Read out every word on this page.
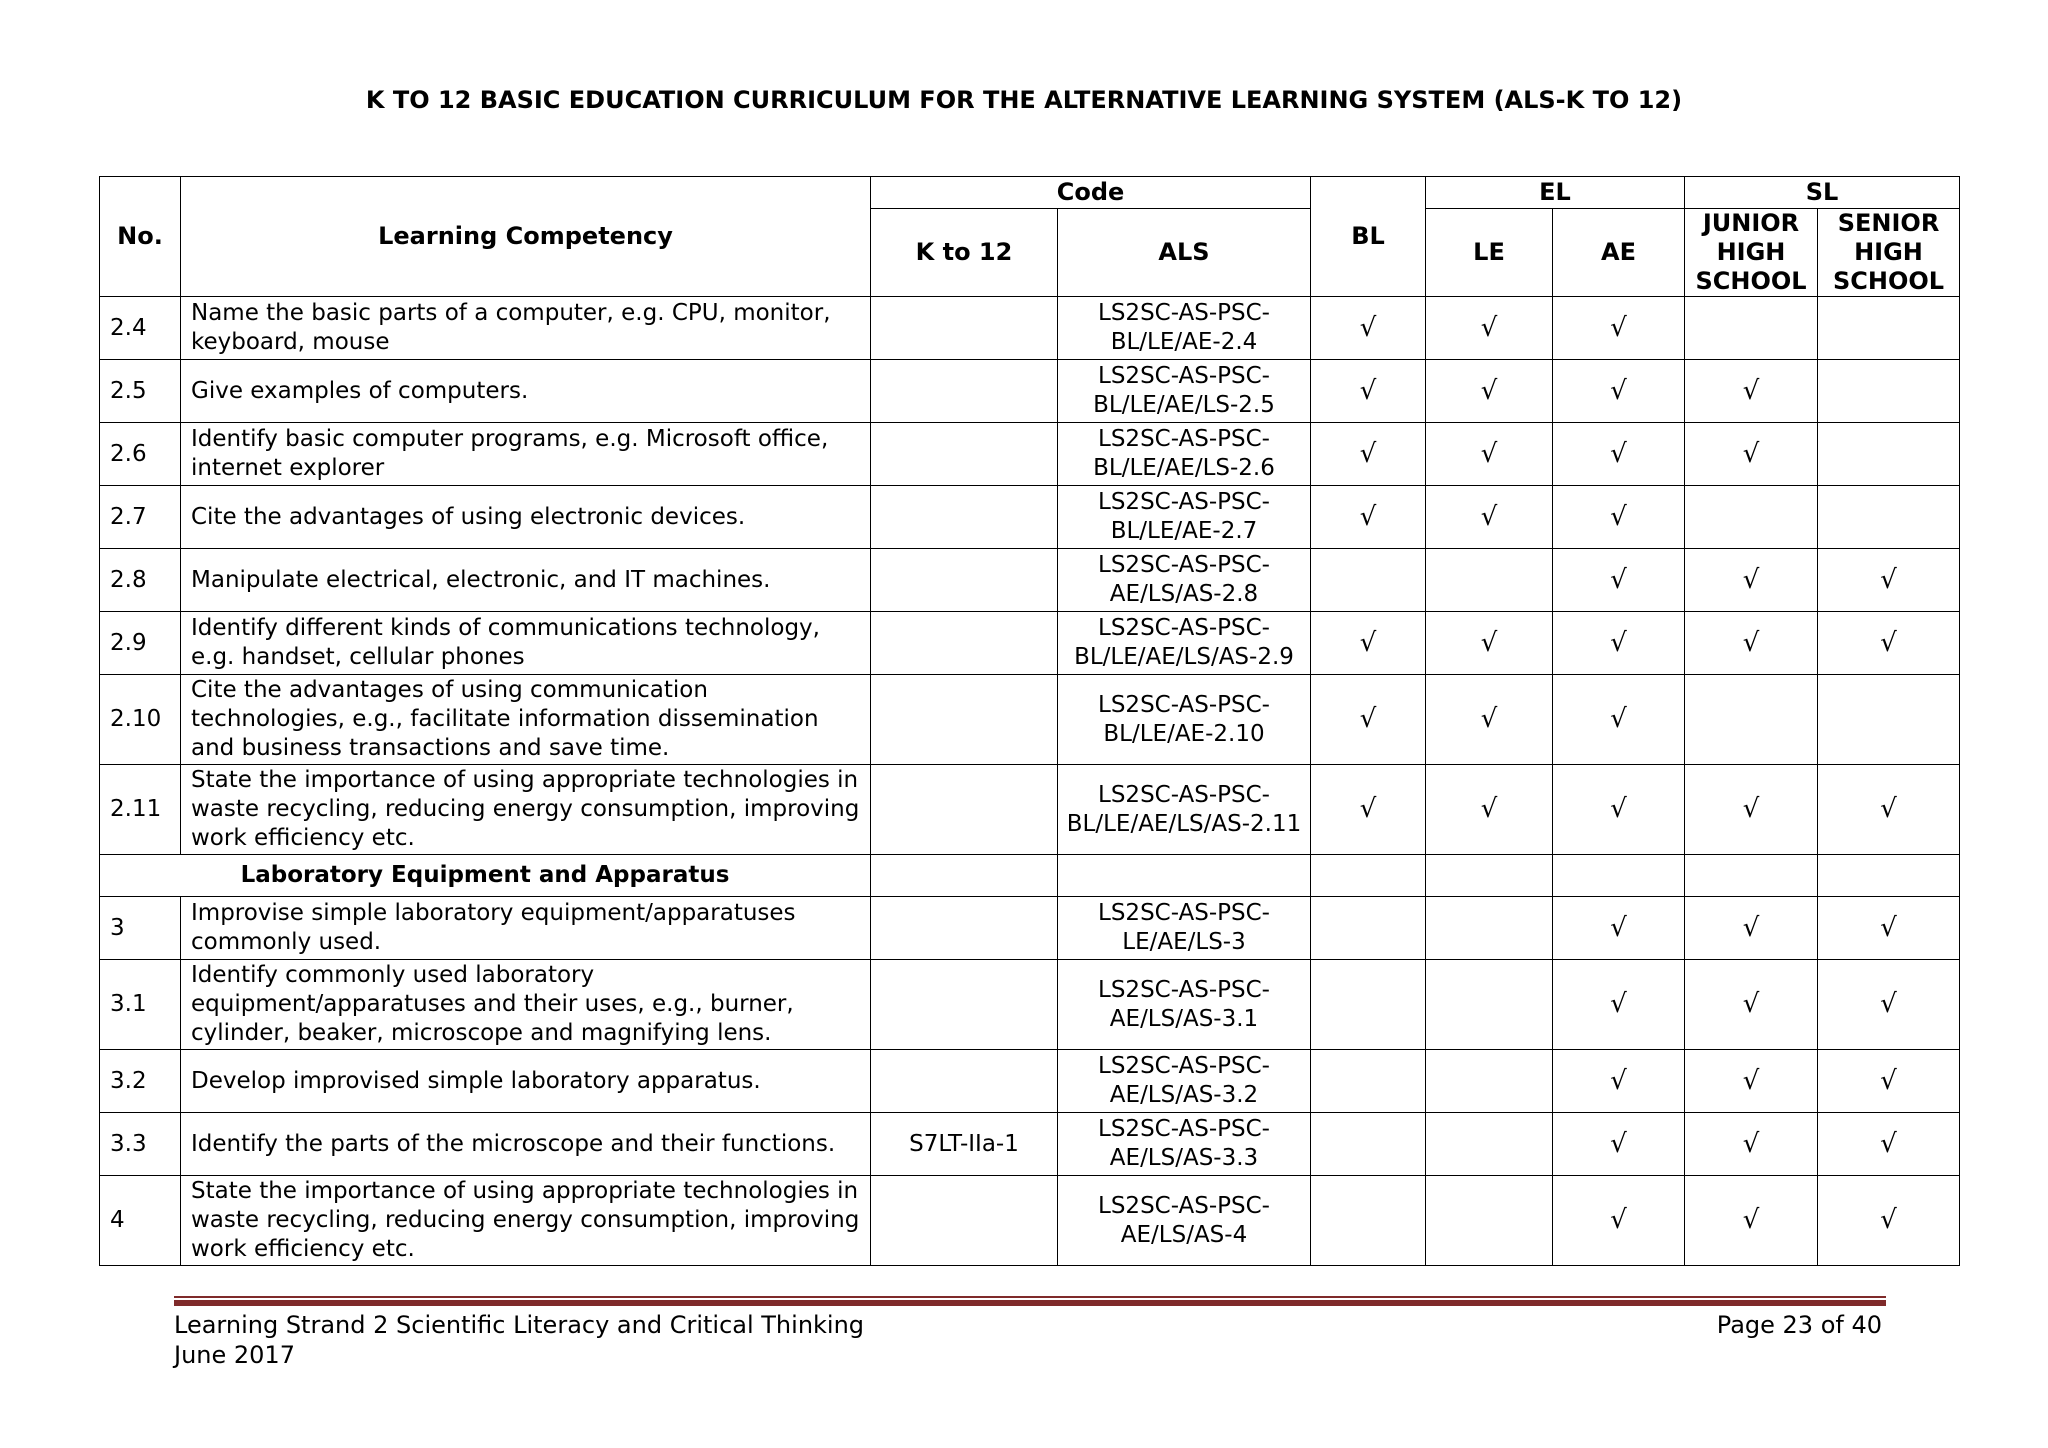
K TO 12 BASIC EDUCATION CURRICULUM FOR THE ALTERNATIVE LEARNING SYSTEM (ALS-K TO 12)
No.	Learning Competency	Code		BL	EL		SL	
		K to 12	ALS		LE	AE	JUNIOR HIGH SCHOOL	SENIOR HIGH SCHOOL
2.4	Name the basic parts of a computer, e.g. CPU, monitor, keyboard, mouse		LS2SC-AS-PSC-BL/LE/AE-2.4	√	√	√		
2.5	Give examples of computers.		LS2SC-AS-PSC-BL/LE/AE/LS-2.5	√	√	√	√	
2.6	Identify basic computer programs, e.g. Microsoft office, internet explorer		LS2SC-AS-PSC-BL/LE/AE/LS-2.6	√	√	√	√	
2.7	Cite the advantages of using electronic devices.		LS2SC-AS-PSC-BL/LE/AE-2.7	√	√	√		
2.8	Manipulate electrical, electronic, and IT machines.		LS2SC-AS-PSC-AE/LS/AS-2.8			√	√	√
2.9	Identify different kinds of communications technology, e.g. handset, cellular phones		LS2SC-AS-PSC-BL/LE/AE/LS/AS-2.9	√	√	√	√	√
2.10	Cite the advantages of using communication technologies, e.g., facilitate information dissemination and business transactions and save time.		LS2SC-AS-PSC-BL/LE/AE-2.10	√	√	√		
2.11	State the importance of using appropriate technologies in waste recycling, reducing energy consumption, improving work efficiency etc.		LS2SC-AS-PSC-BL/LE/AE/LS/AS-2.11	√	√	√	√	√
Laboratory Equipment and Apparatus								
3	Improvise simple laboratory equipment/apparatuses commonly used.		LS2SC-AS-PSC-LE/AE/LS-3			√	√	√
3.1	Identify commonly used laboratory equipment/apparatuses and their uses, e.g., burner, cylinder, beaker, microscope and magnifying lens.		LS2SC-AS-PSC-AE/LS/AS-3.1			√	√	√
3.2	Develop improvised simple laboratory apparatus.		LS2SC-AS-PSC-AE/LS/AS-3.2			√	√	√
3.3	Identify the parts of the microscope and their functions.	S7LT-IIa-1	LS2SC-AS-PSC-AE/LS/AS-3.3			√	√	√
4	State the importance of using appropriate technologies in waste recycling, reducing energy consumption, improving work efficiency etc.		LS2SC-AS-PSC-AE/LS/AS-4			√	√	√
Learning Strand 2 Scientific Literacy and Critical Thinking
June 2017
Page 23 of 40
